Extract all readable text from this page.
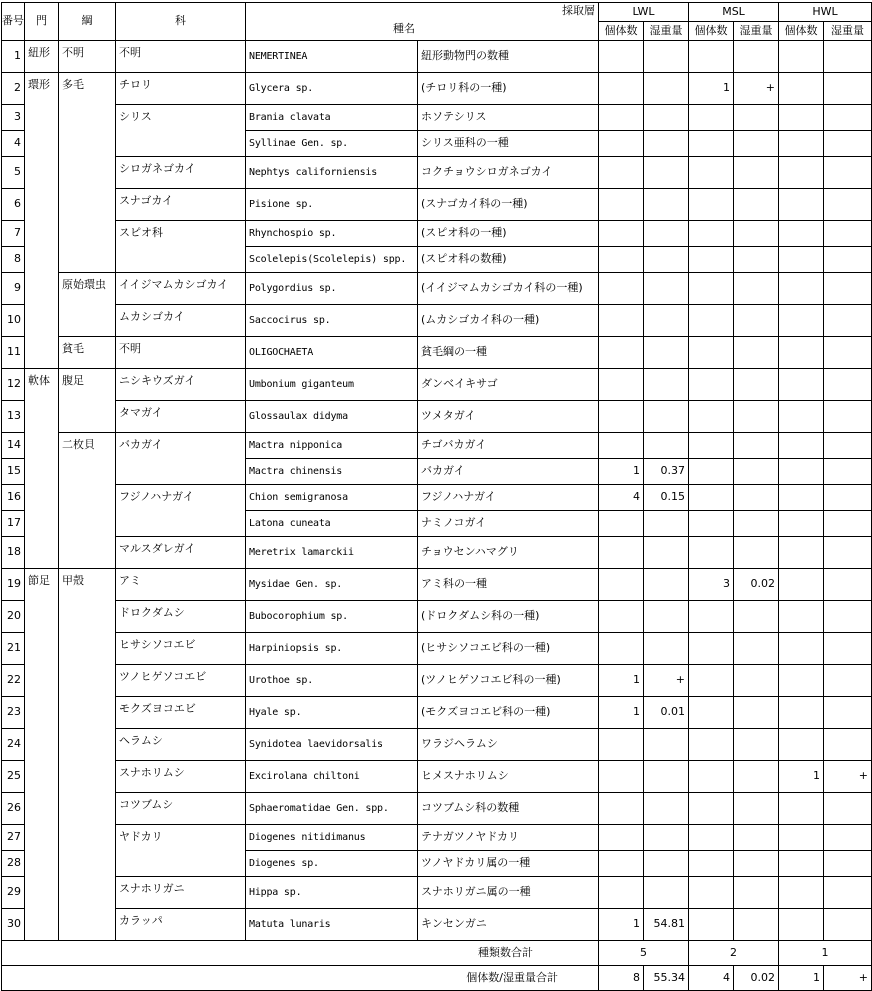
番号	門	綱	科	採取層
種名		LWL		MSL		HWL	
						個体数	湿重量	個体数	湿重量	個体数	湿重量
1	紐形	不明	不明	NEMERTINEA	紐形動物門の数種						
2	環形	多毛	チロリ	Glycera sp.	(チロリ科の一種)			1	+		
3			シリス	Brania clavata	ホソテシリス						
4				Syllinae Gen. sp.	シリス亜科の一種						
5			シロガネゴカイ	Nephtys californiensis	コクチョウシロガネゴカイ						
6			スナゴカイ	Pisione sp.	(スナゴカイ科の一種)						
7			スピオ科	Rhynchospio sp.	(スピオ科の一種)						
8				Scolelepis(Scolelepis) spp.	(スピオ科の数種)						
9		原始環虫	イイジマムカシゴカイ	Polygordius sp.	(イイジマムカシゴカイ科の一種)						
10			ムカシゴカイ	Saccocirus sp.	(ムカシゴカイ科の一種)						
11		貧毛	不明	OLIGOCHAETA	貧毛綱の一種						
12	軟体	腹足	ニシキウズガイ	Umbonium giganteum	ダンベイキサゴ						
13			タマガイ	Glossaulax didyma	ツメタガイ						
14		二枚貝	バカガイ	Mactra nipponica	チゴバカガイ						
15				Mactra chinensis	バカガイ	1	0.37				
16			フジノハナガイ	Chion semigranosa	フジノハナガイ	4	0.15				
17				Latona cuneata	ナミノコガイ						
18			マルスダレガイ	Meretrix lamarckii	チョウセンハマグリ						
19	節足	甲殻	アミ	Mysidae Gen. sp.	アミ科の一種			3	0.02		
20			ドロクダムシ	Bubocorophium sp.	(ドロクダムシ科の一種)						
21			ヒサシソコエビ	Harpiniopsis sp.	(ヒサシソコエビ科の一種)						
22			ツノヒゲソコエビ	Urothoe sp.	(ツノヒゲソコエビ科の一種)	1	+				
23			モクズヨコエビ	Hyale sp.	(モクズヨコエビ科の一種)	1	0.01				
24			ヘラムシ	Synidotea laevidorsalis	ワラジヘラムシ						
25			スナホリムシ	Excirolana chiltoni	ヒメスナホリムシ					1	+
26			コツブムシ	Sphaeromatidae Gen. spp.	コツブムシ科の数種						
27			ヤドカリ	Diogenes nitidimanus	テナガツノヤドカリ						
28				Diogenes sp.	ツノヤドカリ属の一種						
29			スナホリガニ	Hippa sp.	スナホリガニ属の一種						
30			カラッパ	Matuta lunaris	キンセンガニ	1	54.81				
種類数合計						5		2		1	
個体数/湿重量合計						8	55.34	4	0.02	1	+
